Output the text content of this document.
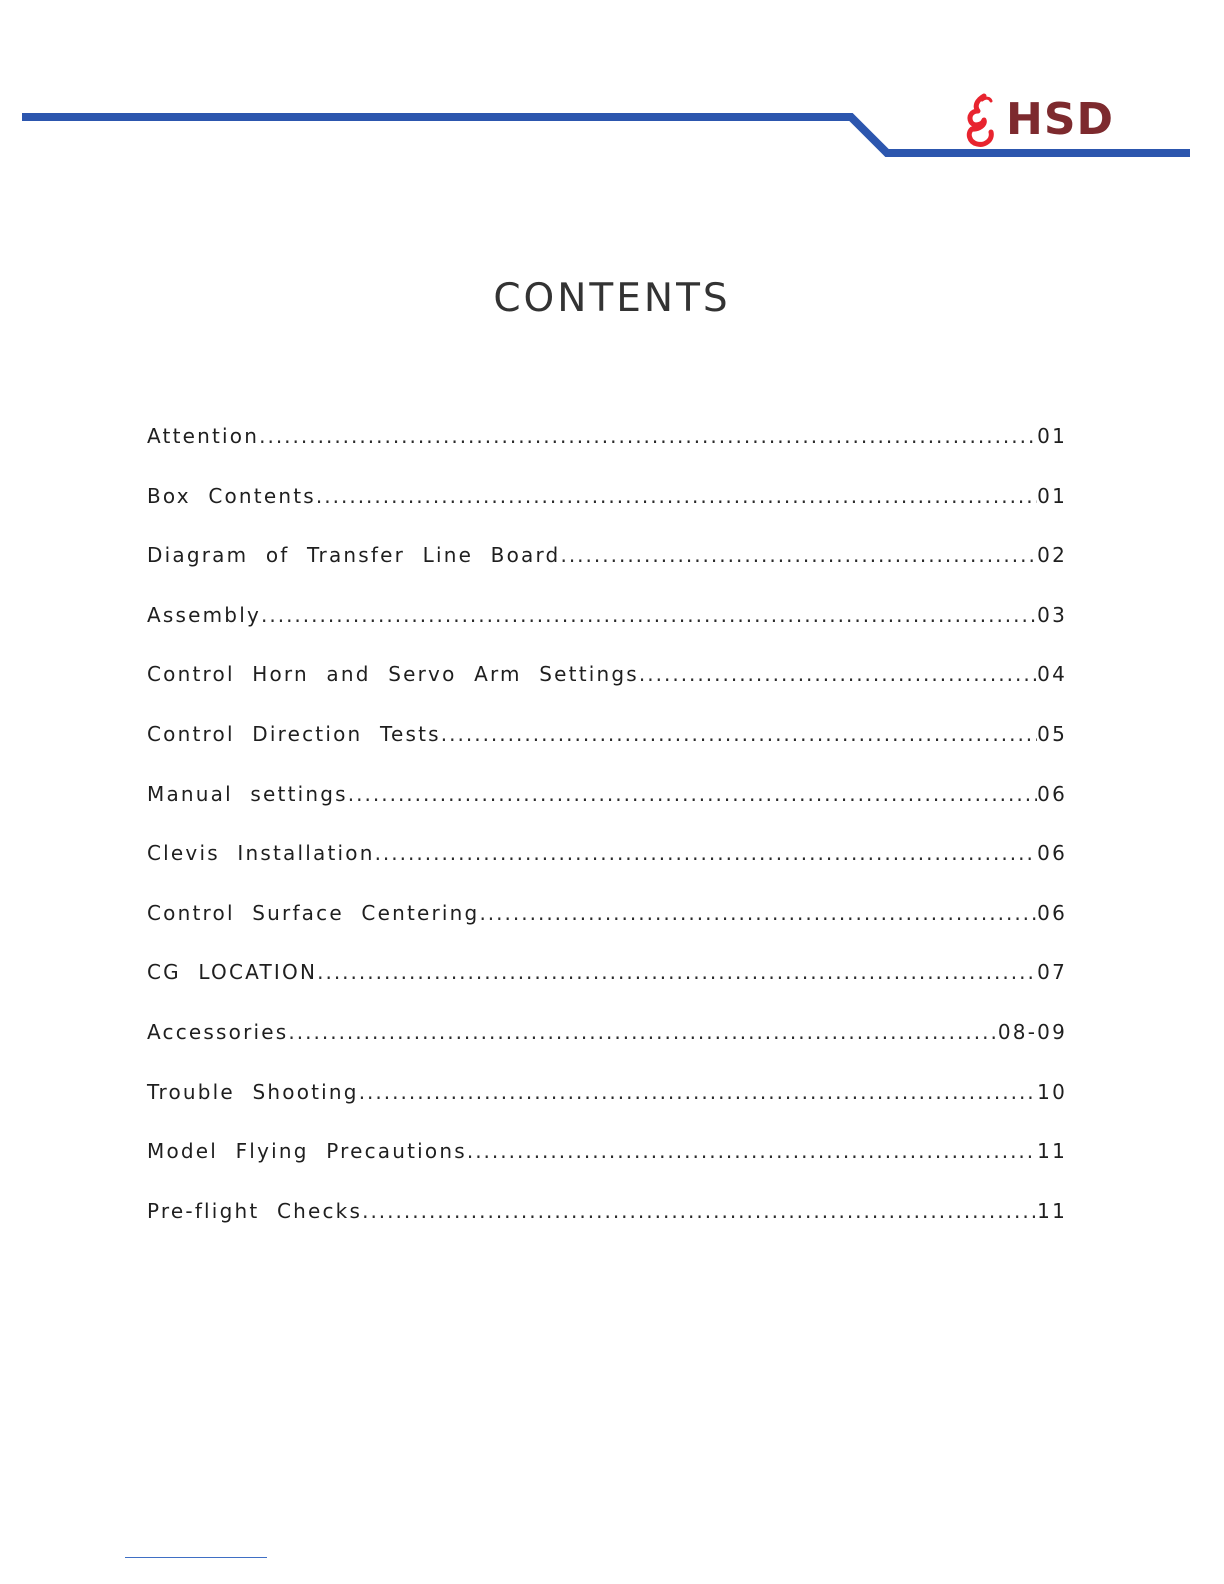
HSD
CONTENTS
Attention .....	01
Box Contents .....	01
Diagram of Transfer Line Board .....	02
Assembly .....	03
Control Horn and Servo Arm Settings .....	04
Control Direction Tests .....	05
Manual settings .....	06
Clevis Installation .....	06
Control Surface Centering .....	06
CG LOCATION .....	07
Accessories .....	08-09
Trouble Shooting .....	10
Model Flying Precautions .....	11
Pre-flight Checks .....	11
